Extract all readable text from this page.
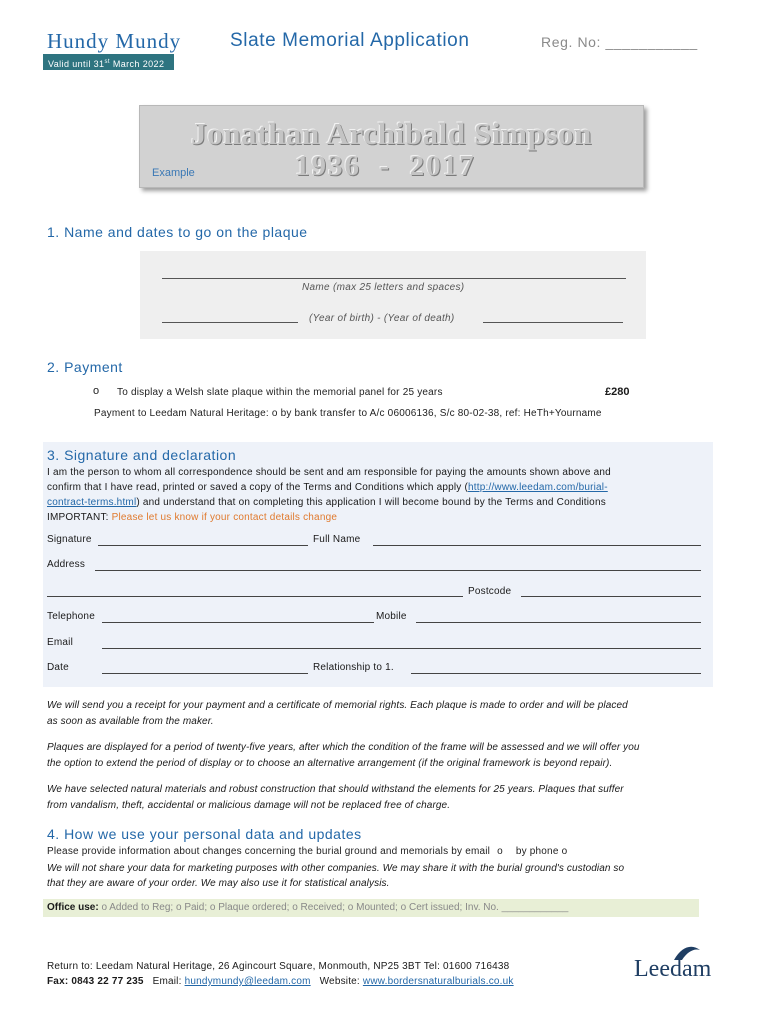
Hundy Mundy
Valid until 31st March 2022
Slate Memorial Application	Reg. No: ___________
Jonathan Archibald Simpson
1936  -  2017
Example
1. Name and dates to go on the plaque
Name (max 25 letters and spaces)
(Year of birth) - (Year of death)
2. Payment
o To display a Welsh slate plaque within the memorial panel for 25 years	£280
Payment to Leedam Natural Heritage: o by bank transfer to A/c 06006136, S/c 80-02-38, ref: HeTh+Yourname
3. Signature and declaration
I am the person to whom all correspondence should be sent and am responsible for paying the amounts shown above and
confirm that I have read, printed or saved a copy of the Terms and Conditions which apply (http://www.leedam.com/burial-
contract-terms.html) and understand that on completing this application I will become bound by the Terms and Conditions
IMPORTANT: Please let us know if your contact details change
Signature	Full Name
Address
Postcode
Telephone	Mobile
Email
Date	Relationship to 1.
We will send you a receipt for your payment and a certificate of memorial rights. Each plaque is made to order and will be placed
as soon as available from the maker.
Plaques are displayed for a period of twenty-five years, after which the condition of the frame will be assessed and we will offer you
the option to extend the period of display or to choose an alternative arrangement (if the original framework is beyond repair).
We have selected natural materials and robust construction that should withstand the elements for 25 years. Plaques that suffer
from vandalism, theft, accidental or malicious damage will not be replaced free of charge.
4. How we use your personal data and updates
Please provide information about changes concerning the burial ground and memorials by email o by phone o
We will not share your data for marketing purposes with other companies. We may share it with the burial ground's custodian so
that they are aware of your order. We may also use it for statistical analysis.
Office use: o Added to Reg; o Paid; o Plaque ordered; o Received; o Mounted; o Cert issued; Inv. No. ____________
Return to: Leedam Natural Heritage, 26 Agincourt Square, Monmouth, NP25 3BT Tel: 01600 716438
Fax: 0843 22 77 235 Email: hundymundy@leedam.com Website: www.bordersnaturalburials.co.uk	Leedam
